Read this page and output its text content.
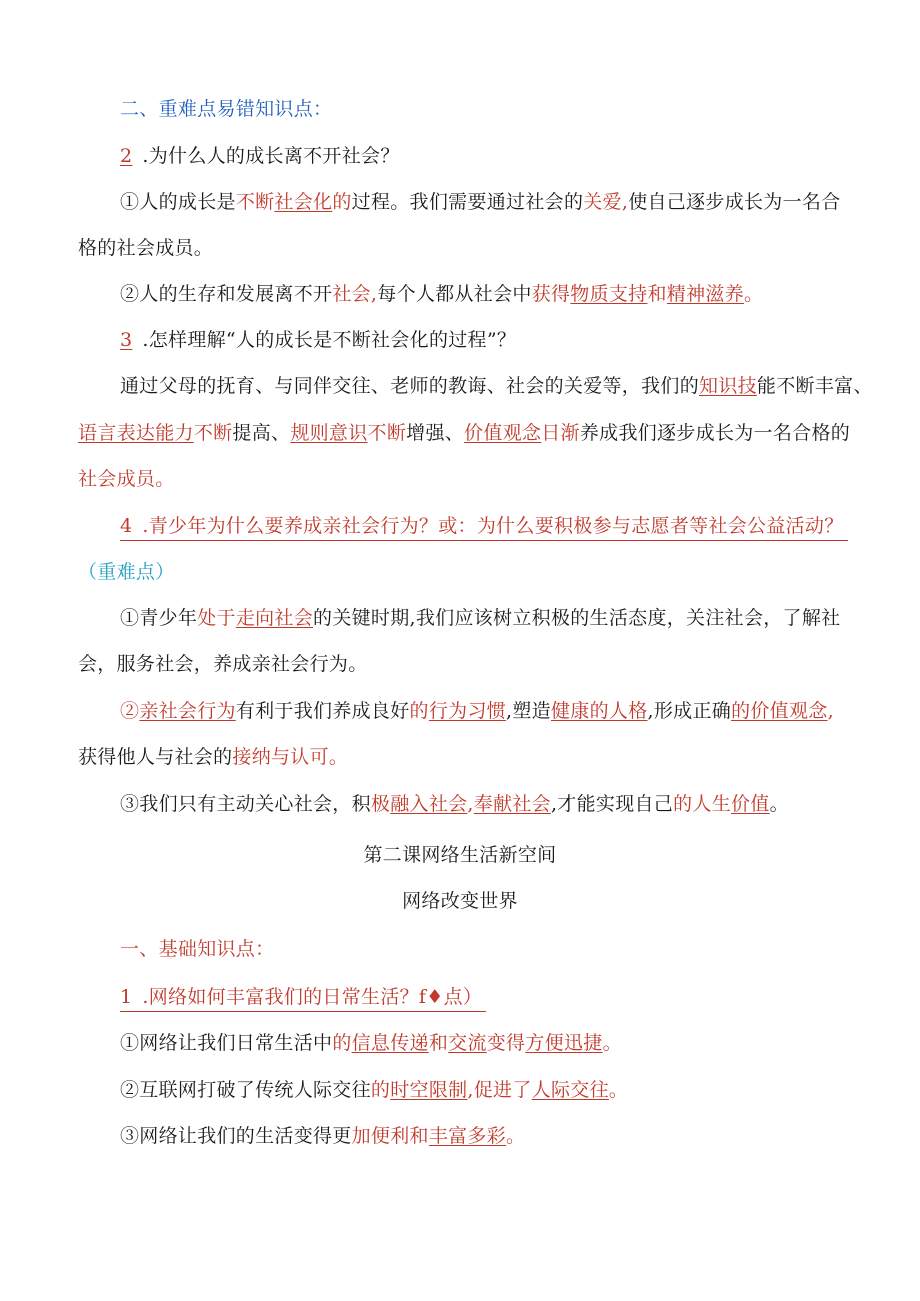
二、重难点易错知识点：
2 .为什么人的成长离不开社会？
①人的成长是不断社会化的过程。我们需要通过社会的关爱,使自己逐步成长为一名合
格的社会成员。
②人的生存和发展离不开社会,每个人都从社会中获得物质支持和精神滋养。
3 .怎样理解“人的成长是不断社会化的过程”？
通过父母的抚育、与同伴交往、老师的教诲、社会的关爱等，我们的知识技能不断丰富、
语言表达能力不断提高、规则意识不断增强、价值观念日渐养成我们逐步成长为一名合格的
社会成员。
4 .青少年为什么要养成亲社会行为？或：为什么要积极参与志愿者等社会公益活动？
（重难点）
①青少年处于走向社会的关键时期,我们应该树立积极的生活态度，关注社会，了解社
会，服务社会，养成亲社会行为。
②亲社会行为有利于我们养成良好的行为习惯,塑造健康的人格,形成正确的价值观念,
获得他人与社会的接纳与认可。
③我们只有主动关心社会，积极融入社会,奉献社会,才能实现自己的人生价值。
第二课网络生活新空间
网络改变世界
一、基础知识点：
1 .网络如何丰富我们的日常生活？f♦点）
①网络让我们日常生活中的信息传递和交流变得方便迅捷。
②互联网打破了传统人际交往的时空限制,促进了人际交往。
③网络让我们的生活变得更加便利和丰富多彩。
